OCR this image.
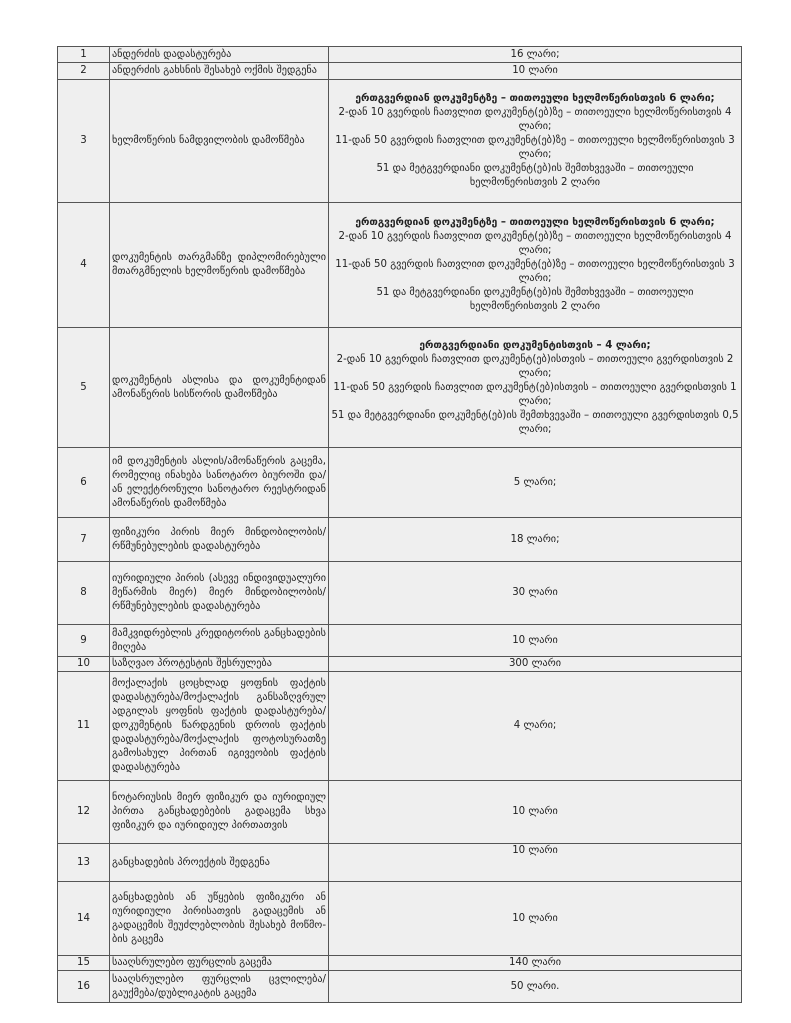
1	ანდერძის დადასტურება	16 ლარი;

2	ანდერძის გახსნის შესახებ ოქმის შედგენა	10 ლარი

3	ხელმოწერის ნამდვილობის დამოწმება	ერთგვერდიან დოკუმენტზე – თითოეული ხელმოწერისთვის 6 ლარი;
2-დან 10 გვერდის ჩათვლით დოკუმენტ(ებ)ზე – თითოეული ხელმოწერისთვის 4 ლარი;
11-დან 50 გვერდის ჩათვლით დოკუმენტ(ებ)ზე – თითოეული ხელმოწერისთვის 3 ლარი;
51 და მეტგვერდიანი დოკუმენტ(ებ)ის შემთხვევაში – თითოეული ხელმოწერისთვის 2 ლარი

4	დოკუმენტის თარგმანზე დიპლომირებული მთარგმნელის ხელმოწერის დამოწმება	ერთგვერდიან დოკუმენტზე – თითოეული ხელმოწერისთვის 6 ლარი;
2-დან 10 გვერდის ჩათვლით დოკუმენტ(ებ)ზე – თითოეული ხელმოწერისთვის 4 ლარი;
11-დან 50 გვერდის ჩათვლით დოკუმენტ(ებ)ზე – თითოეული ხელმოწერისთვის 3 ლარი;
51 და მეტგვერდიანი დოკუმენტ(ებ)ის შემთხვევაში – თითოეული ხელმოწერისთვის 2 ლარი

5	დოკუმენტის ასლისა და დოკუმენტიდან ამონაწერის სისწორის დამოწმება	ერთგვერდიანი დოკუმენტისთვის – 4 ლარი;
2-დან 10 გვერდის ჩათვლით დოკუმენტ(ებ)ისთვის – თითოეული გვერდისთვის 2 ლარი;
11-დან 50 გვერდის ჩათვლით დოკუმენტ(ებ)ისთვის – თითოეული გვერდისთვის 1 ლარი;
51 და მეტგვერდიანი დოკუმენტ(ებ)ის შემთხვევაში – თითოეული გვერდისთვის 0,5 ლარი;

6	იმ დოკუმენტის ასლის/ამონაწერის გაცემა, რომელიც ინახება სანოტარო ბიუროში და/ან ელექტრონული სანოტარო რეესტრიდან ამონაწერის დამოწმება	5 ლარი;

7	ფიზიკური პირის მიერ მინდობილობის/ რწმუნებულების დადასტურება	18 ლარი;

8	იურიდიული პირის (ასევე ინდივიდუალური მეწარმის მიერ) მიერ მინდობილობის/ რწმუნებულების დადასტურება	30 ლარი

9	მამკვიდრებლის კრედიტორის განცხადების მიღება	10 ლარი

10	საზღვაო პროტესტის შესრულება	300 ლარი

11	მოქალაქის ცოცხლად ყოფნის ფაქტის დადასტურება/მოქალაქის განსაზღვრულ ადგილას ყოფნის ფაქტის დადასტურება/დოკუმენტის წარდგენის დროის ფაქტის დადასტურება/მოქალაქის ფოტოსურათზე გამოსახულ პირთან იგივეობის ფაქტის დადასტურება	4 ლარი;

12	ნოტარიუსის მიერ ფიზიკურ და იურიდიულ პირთა განცხადებების გადაცემა სხვა ფიზიკურ და იურიდიულ პირთათვის	10 ლარი

13	განცხადების პროექტის შედგენა	10 ლარი

14	განცხადების ან უწყების ფიზიკური ან იურიდიული პირისათვის გადაცემის ან გადაცემის შეუძლებლობის შესახებ მოწმო-ბის გაცემა	10 ლარი

15	სააღსრულებო ფურცლის გაცემა	140 ლარი

16	სააღსრულებო ფურცლის ცვლილება/გაუქმება/დუბლიკატის გაცემა	50 ლარი.
